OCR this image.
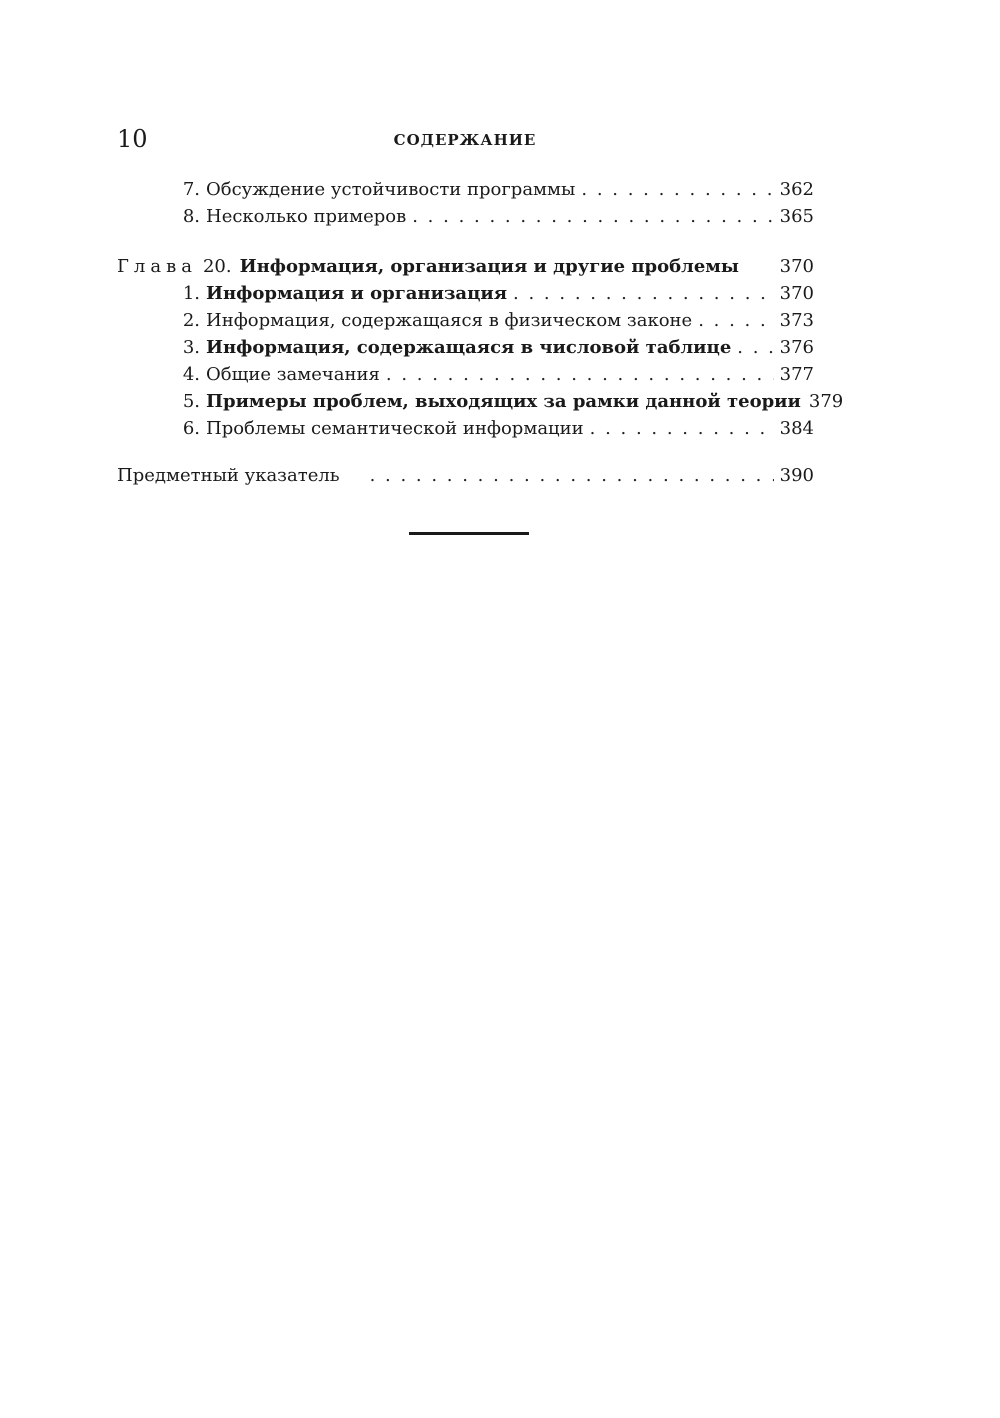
10	СОДЕРЖАНИЕ
7. Обсуждение устойчивости программы . . .	362
8. Несколько примеров . . .	365
Глава 20. Информация, организация и другие проблемы 370
1. Информация и организация . . .	370
2. Информация, содержащаяся в физическом законе . . .	373
3. Информация, содержащаяся в числовой таблице . . .	376
4. Общие замечания . . .	377
5. Примеры проблем, выходящих за рамки данной теории 379
6. Проблемы семантической информации . . .	384
Предметный указатель . . .	390
